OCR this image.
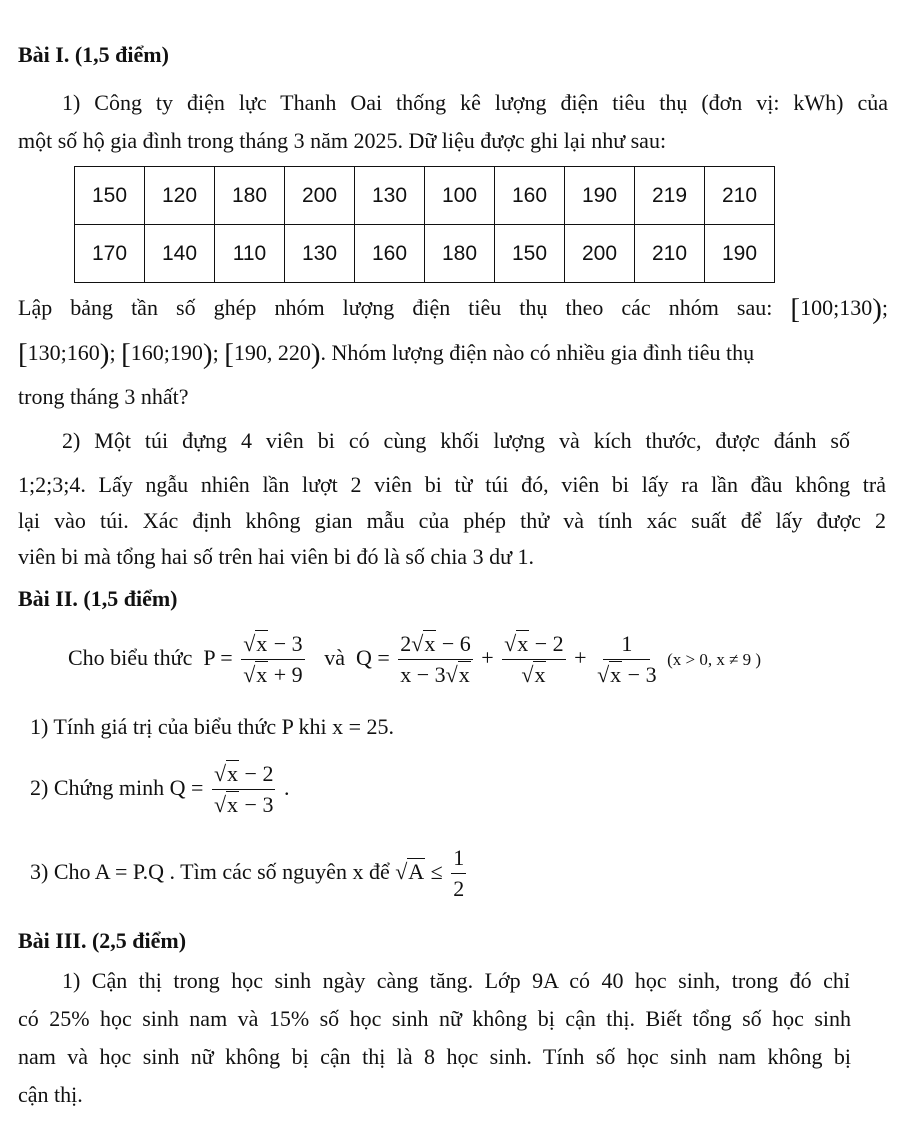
Bài I. (1,5 điểm)
1) Công ty điện lực Thanh Oai thống kê lượng điện tiêu thụ (đơn vị: kWh) của
một số hộ gia đình trong tháng 3 năm 2025. Dữ liệu được ghi lại như sau:
150	120	180	200	130	100	160	190	219	210
170	140	110	130	160	180	150	200	210	190
Lập bảng tần số ghép nhóm lượng điện tiêu thụ theo các nhóm sau: [100;130);
[130;160); [160;190); [190, 220). Nhóm lượng điện nào có nhiều gia đình tiêu thụ
trong tháng 3 nhất?
2) Một túi đựng 4 viên bi có cùng khối lượng và kích thước, được đánh số
1;2;3;4. Lấy ngẫu nhiên lần lượt 2 viên bi từ túi đó, viên bi lấy ra lần đầu không trả
lại vào túi. Xác định không gian mẫu của phép thử và tính xác suất để lấy được 2
viên bi mà tổng hai số trên hai viên bi đó là số chia 3 dư 1.
Bài II. (1,5 điểm)
Cho biểu thức $P = \frac{√x - 3}{√x + 9}$ và $Q = \frac{2√x - 6}{x - 3√x} + \frac{√x - 2}{√x} + \frac{1}{√x - 3} (x > 0$, x ≠ 9 )
1) Tính giá trị của biểu thức P khi x = 25.
2) Chứng minh $Q = \frac{√x - 2}{√x - 3}$ .
3) Cho A = P.Q . Tìm các số nguyên x để $√A \le \frac{1}{2}$
Bài III. (2,5 điểm)
1) Cận thị trong học sinh ngày càng tăng. Lớp 9A có 40 học sinh, trong đó chỉ
có 25% học sinh nam và 15% số học sinh nữ không bị cận thị. Biết tổng số học sinh
nam và học sinh nữ không bị cận thị là 8 học sinh. Tính số học sinh nam không bị
cận thị.
